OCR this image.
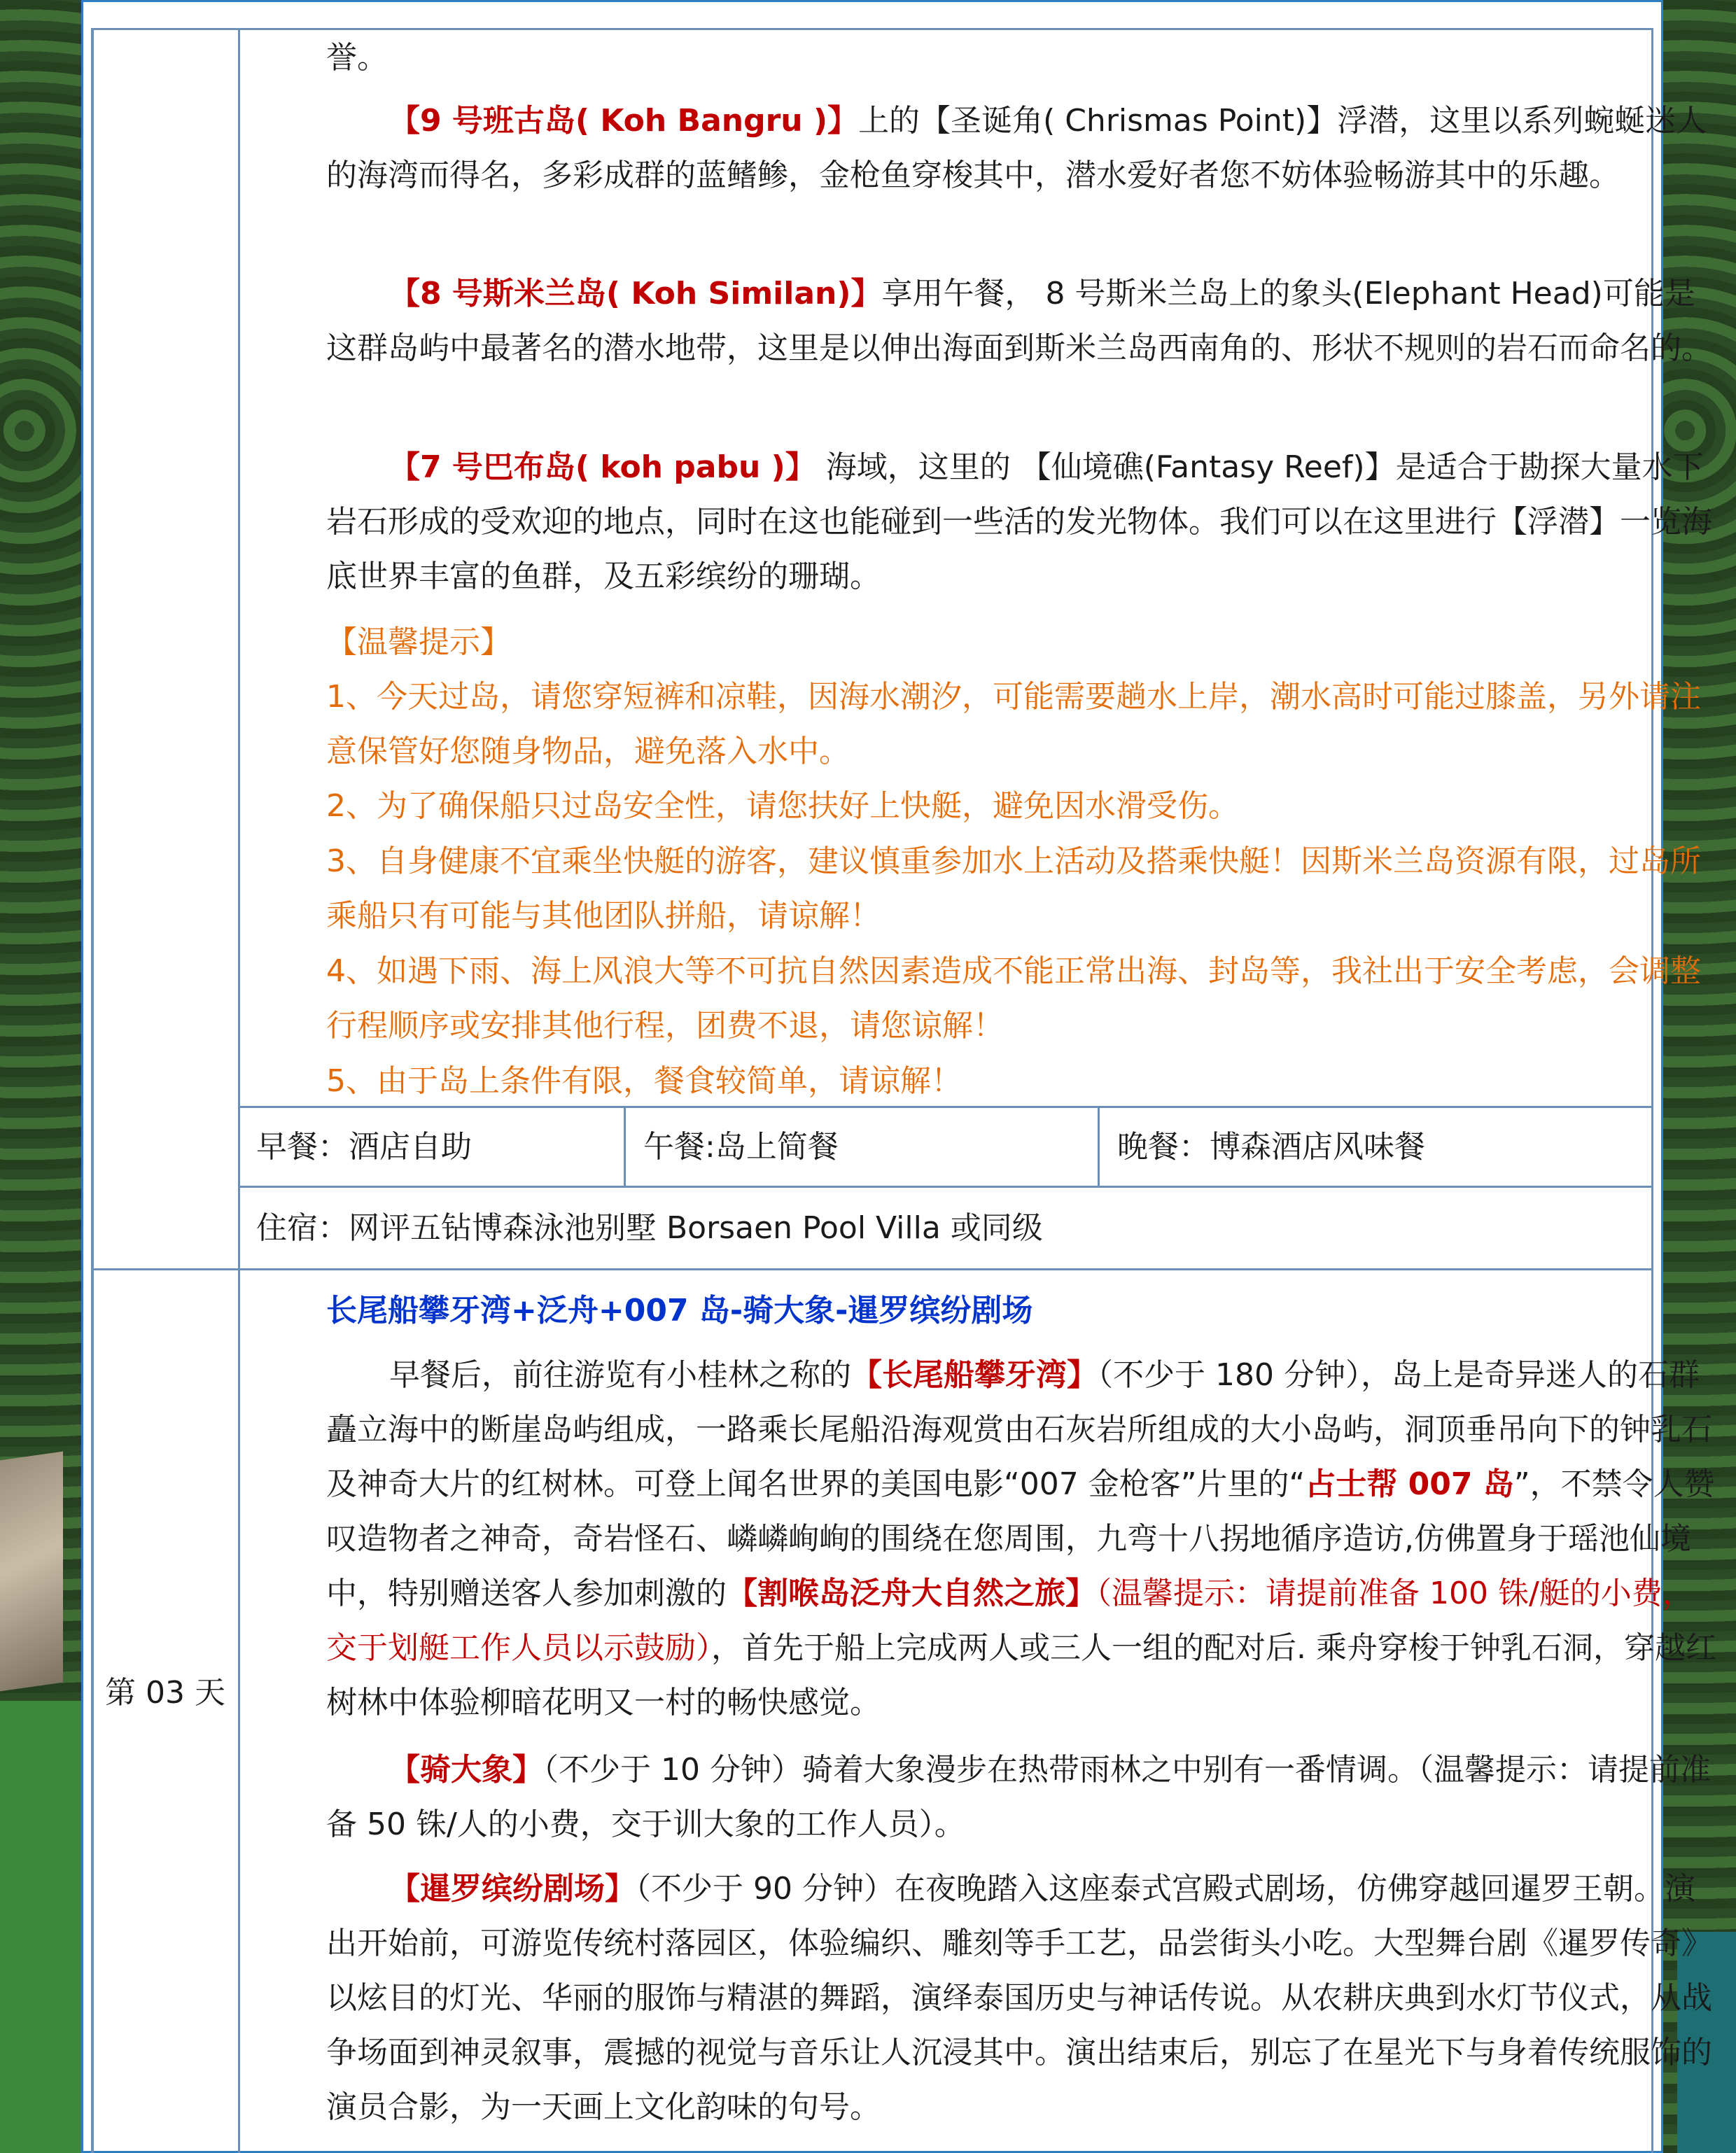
誉。

【9 号班古岛( Koh Bangru )】上的【圣诞角( Chrismas Point)】浮潜，这里以系列蜿蜒迷人的海湾而得名，多彩成群的蓝鳍鲹，金枪鱼穿梭其中，潜水爱好者您不妨体验畅游其中的乐趣。

【8 号斯米兰岛( Koh Similan)】享用午餐， 8 号斯米兰岛上的象头(Elephant Head)可能是这群岛屿中最著名的潜水地带，这里是以伸出海面到斯米兰岛西南角的、形状不规则的岩石而命名的。

【7 号巴布岛( koh pabu )】 海域，这里的 【仙境礁(Fantasy Reef)】是适合于勘探大量水下岩石形成的受欢迎的地点，同时在这也能碰到一些活的发光物体。我们可以在这里进行【浮潜】一览海底世界丰富的鱼群，及五彩缤纷的珊瑚。

【温馨提示】

1、今天过岛，请您穿短裤和凉鞋，因海水潮汐，可能需要趟水上岸，潮水高时可能过膝盖，另外请注意保管好您随身物品，避免落入水中。

2、为了确保船只过岛安全性，请您扶好上快艇，避免因水滑受伤。

3、自身健康不宜乘坐快艇的游客，建议慎重参加水上活动及搭乘快艇！因斯米兰岛资源有限，过岛所乘船只有可能与其他团队拼船，请谅解！

4、如遇下雨、海上风浪大等不可抗自然因素造成不能正常出海、封岛等，我社出于安全考虑，会调整行程顺序或安排其他行程，团费不退，请您谅解！

5、由于岛上条件有限，餐食较简单，请谅解！

早餐：酒店自助	午餐:岛上简餐	晚餐：博森酒店风味餐
住宿：网评五钻博森泳池别墅 Borsaen Pool Villa 或同级
第 03 天

长尾船攀牙湾+泛舟+007 岛-骑大象-暹罗缤纷剧场

早餐后，前往游览有小桂林之称的【长尾船攀牙湾】（不少于 180 分钟），岛上是奇异迷人的石群矗立海中的断崖岛屿组成，一路乘长尾船沿海观赏由石灰岩所组成的大小岛屿，洞顶垂吊向下的钟乳石及神奇大片的红树林。可登上闻名世界的美国电影“007 金枪客”片里的“占士帮 007 岛”，不禁令人赞叹造物者之神奇，奇岩怪石、嶙嶙峋峋的围绕在您周围，九弯十八拐地循序造访,仿佛置身于瑶池仙境中，特别赠送客人参加刺激的【割喉岛泛舟大自然之旅】（温馨提示：请提前准备 100 铢/艇的小费，交于划艇工作人员以示鼓励），首先于船上完成两人或三人一组的配对后. 乘舟穿梭于钟乳石洞，穿越红树林中体验柳暗花明又一村的畅快感觉。

【骑大象】（不少于 10 分钟）骑着大象漫步在热带雨林之中别有一番情调。（温馨提示：请提前准备 50 铢/人的小费，交于训大象的工作人员）。

【暹罗缤纷剧场】（不少于 90 分钟）在夜晚踏入这座泰式宫殿式剧场，仿佛穿越回暹罗王朝。演出开始前，可游览传统村落园区，体验编织、雕刻等手工艺，品尝街头小吃。大型舞台剧《暹罗传奇》以炫目的灯光、华丽的服饰与精湛的舞蹈，演绎泰国历史与神话传说。从农耕庆典到水灯节仪式，从战争场面到神灵叙事，震撼的视觉与音乐让人沉浸其中。演出结束后，别忘了在星光下与身着传统服饰的演员合影，为一天画上文化韵味的句号。
